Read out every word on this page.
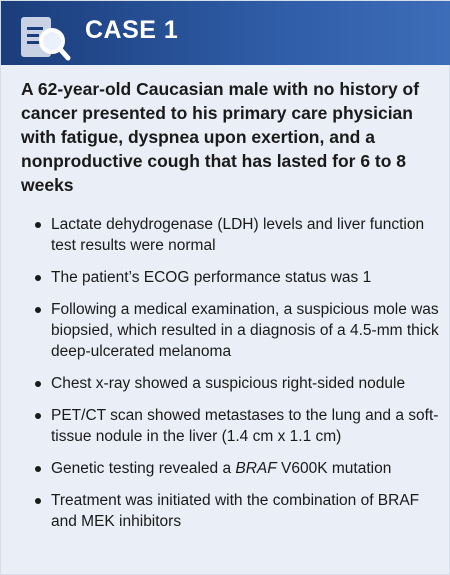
CASE 1
A 62-year-old Caucasian male with no history of cancer presented to his primary care physician with fatigue, dyspnea upon exertion, and a nonproductive cough that has lasted for 6 to 8 weeks
Lactate dehydrogenase (LDH) levels and liver function test results were normal
The patient’s ECOG performance status was 1
Following a medical examination, a suspicious mole was biopsied, which resulted in a diagnosis of a 4.5-mm thick deep-ulcerated melanoma
Chest x-ray showed a suspicious right-sided nodule
PET/CT scan showed metastases to the lung and a soft-tissue nodule in the liver (1.4 cm x 1.1 cm)
Genetic testing revealed a BRAF V600K mutation
Treatment was initiated with the combination of BRAF and MEK inhibitors
